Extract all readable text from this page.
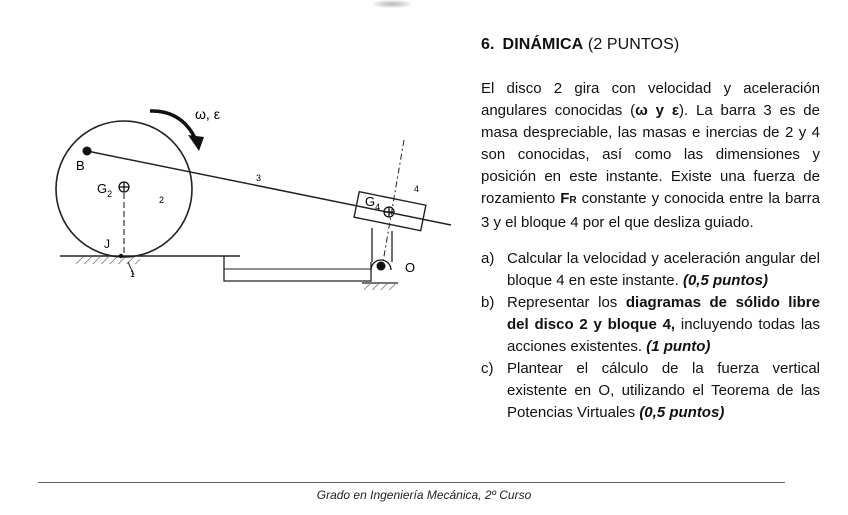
ω, ε
B
$G_2$
J
2
1
3
4
$G_4$
O
6. DINÁMICA (2 PUNTOS)

El disco 2 gira con velocidad y aceleración angulares conocidas (ω y ε). La barra 3 es de masa despreciable, las masas e inercias de 2 y 4 son conocidas, así como las dimensiones y posición en este instante. Existe una fuerza de rozamiento FR constante y conocida entre la barra 3 y el bloque 4 por el que desliza guiado.

a) Calcular la velocidad y aceleración angular del bloque 4 en este instante. (0,5 puntos)
b) Representar los diagramas de sólido libre del disco 2 y bloque 4, incluyendo todas las acciones existentes. (1 punto)
c) Plantear el cálculo de la fuerza vertical existente en O, utilizando el Teorema de las Potencias Virtuales (0,5 puntos)
Grado en Ingeniería Mecánica, 2º Curso
